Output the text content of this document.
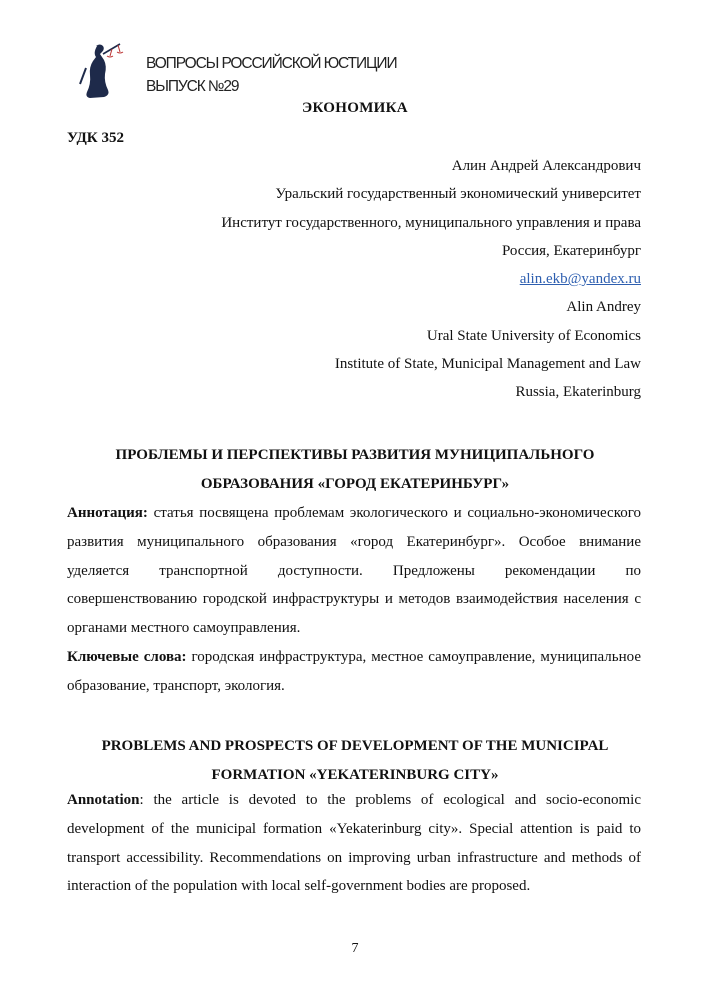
ВОПРОСЫ РОССИЙСКОЙ ЮСТИЦИИ
ВЫПУСК №29
ЭКОНОМИКА
УДК 352
Алин Андрей Александрович
Уральский государственный экономический университет
Институт государственного, муниципального управления и права
Россия, Екатеринбург
alin.ekb@yandex.ru
Alin Andrey
Ural State University of Economics
Institute of State, Municipal Management and Law
Russia, Ekaterinburg
ПРОБЛЕМЫ И ПЕРСПЕКТИВЫ РАЗВИТИЯ МУНИЦИПАЛЬНОГО ОБРАЗОВАНИЯ «ГОРОД ЕКАТЕРИНБУРГ»
Аннотация: статья посвящена проблемам экологического и социально-экономического развития муниципального образования «город Екатеринбург». Особое внимание уделяется транспортной доступности. Предложены рекомендации по совершенствованию городской инфраструктуры и методов взаимодействия населения с органами местного самоуправления.
Ключевые слова: городская инфраструктура, местное самоуправление, муниципальное образование, транспорт, экология.
PROBLEMS AND PROSPECTS OF DEVELOPMENT OF THE MUNICIPAL FORMATION «YEKATERINBURG CITY»
Annotation: the article is devoted to the problems of ecological and socio-economic development of the municipal formation «Yekaterinburg city». Special attention is paid to transport accessibility. Recommendations on improving urban infrastructure and methods of interaction of the population with local self-government bodies are proposed.
7
